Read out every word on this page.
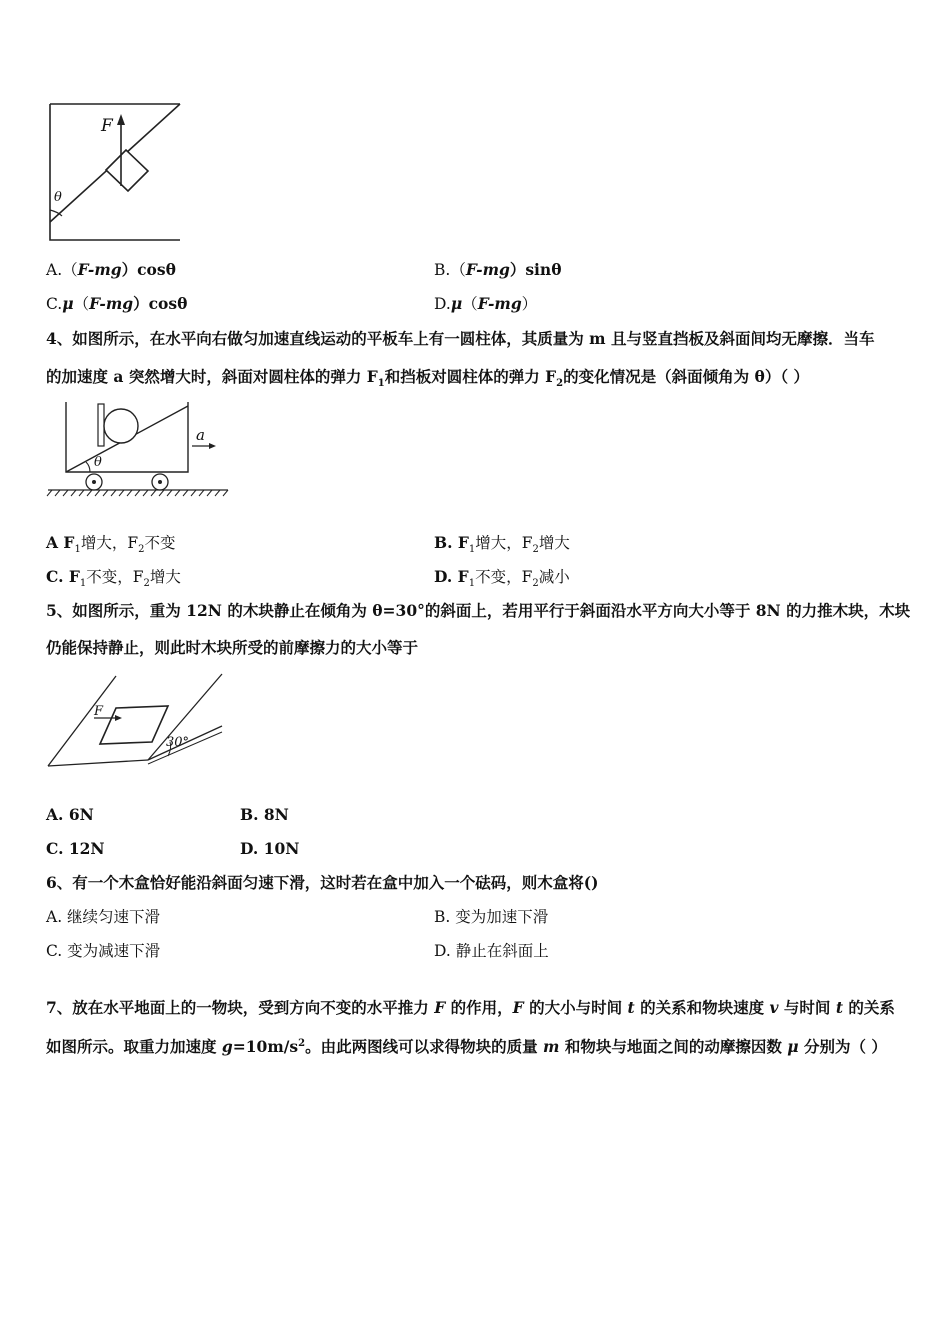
F
θ
A.（F-mg）cosθ	B.（F-mg）sinθ
C.μ（F-mg）cosθ	D.μ（F-mg）
4、如图所示，在水平向右做匀加速直线运动的平板车上有一圆柱体，其质量为 m 且与竖直挡板及斜面间均无摩擦．当车
的加速度 a 突然增大时，斜面对圆柱体的弹力 $F_1$和挡板对圆柱体的弹力 $F_2$的变化情况是（斜面倾角为 θ）（ ）
a
θ
A $F_1$增大，$F_2$不变	B. $F_1$增大，$F_2$增大
C. $F_1$不变，$F_2$增大	D. $F_1$不变，$F_2$减小
5、如图所示，重为 12N 的木块静止在倾角为 θ=30°的斜面上，若用平行于斜面沿水平方向大小等于 8N 的力推木块，木块
仍能保持静止，则此时木块所受的前摩擦力的大小等于
F
30°
A. 6N	B. 8N
C. 12N	D. 10N
6、有一个木盒恰好能沿斜面匀速下滑，这时若在盒中加入一个砝码，则木盒将()
A. 继续匀速下滑	B. 变为加速下滑
C. 变为减速下滑	D. 静止在斜面上
7、放在水平地面上的一物块，受到方向不变的水平推力 F 的作用，F 的大小与时间 t 的关系和物块速度 v 与时间 t 的关系如图所示。取重力加速度 $g=10m/s^2$。由此两图线可以求得物块的质量 m 和物块与地面之间的动摩擦因数 μ 分别为（ ）
